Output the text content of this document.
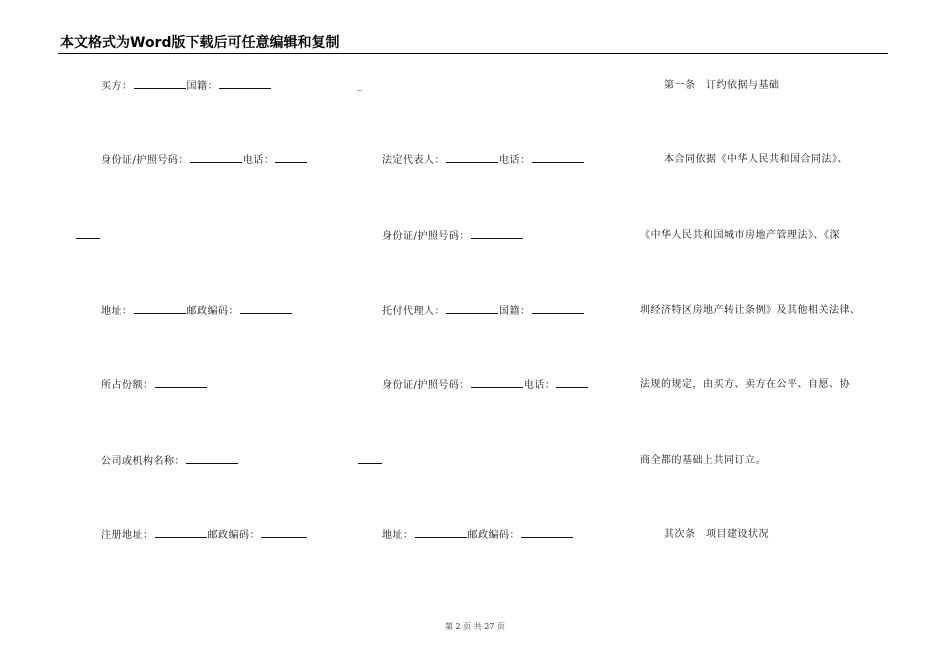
本文格式为Word版下载后可任意编辑和复制
买方：	国籍：
身份证/护照号码：	电话：
地址：	邮政编码：
所占份额：
公司或机构名称：
注册地址：	邮政编码：
_
法定代表人：	电话：
身份证/护照号码：
托付代理人：	国籍：
身份证/护照号码：	电话：
地址：	邮政编码：
第一条　订约依据与基础
本合同依据《中华人民共和国合同法》、
《中华人民共和国城市房地产管理法》、《深
圳经济特区房地产转让条例》及其他相关法律、
法规的规定，由买方、卖方在公平、自愿、协
商全都的基础上共同订立。
其次条　项目建设状况
第 2 页 共 27 页
